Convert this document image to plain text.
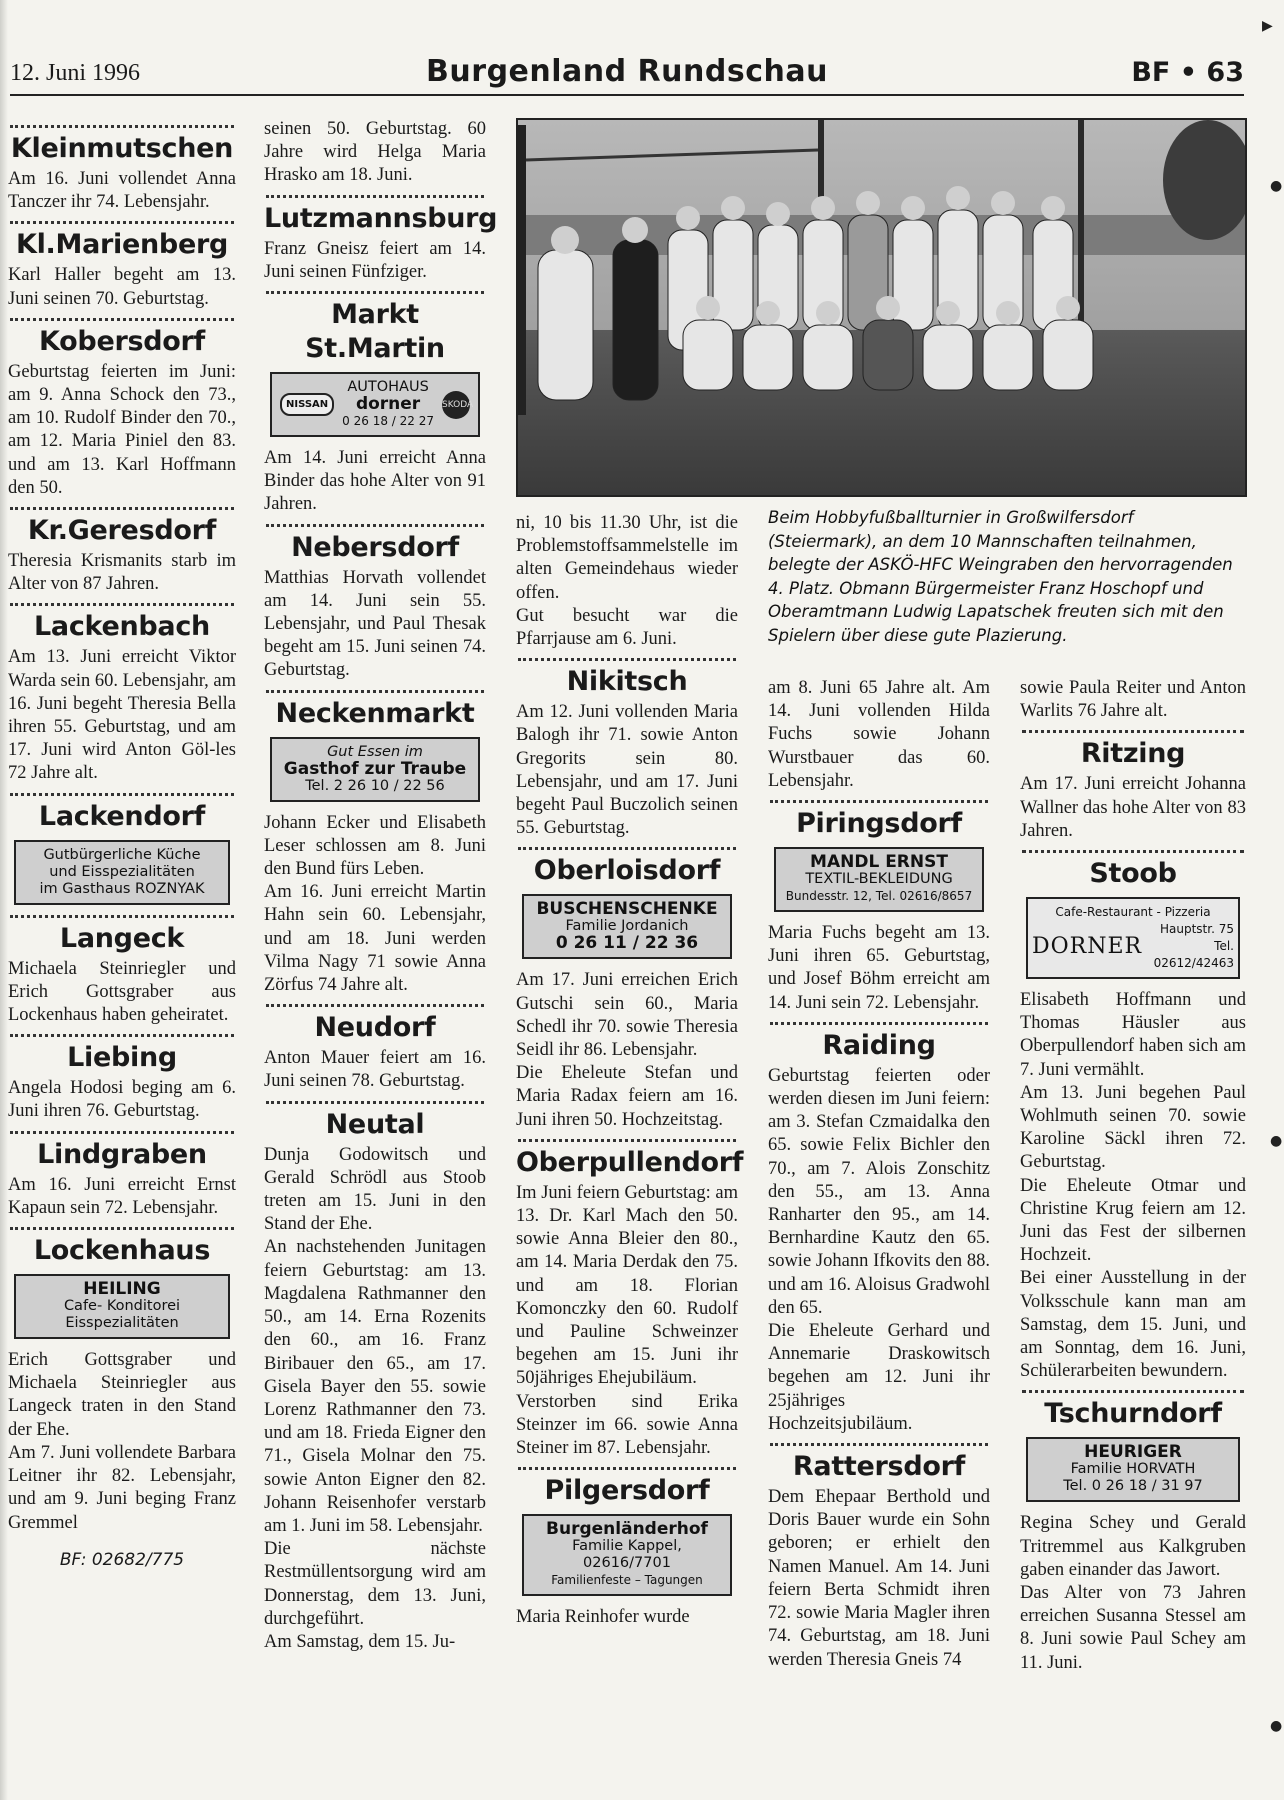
12. Juni 1996	Burgenland Rundschau	BF • 63
▶
●
●
●
Kleinmutschen

Am 16. Juni vollendet Anna Tanczer ihr 74. Lebensjahr.

Kl.Marienberg

Karl Haller begeht am 13. Juni seinen 70. Geburtstag.

Kobersdorf

Geburtstag feierten im Juni: am 9. Anna Schock den 73., am 10. Rudolf Binder den 70., am 12. Maria Piniel den 83. und am 13. Karl Hoffmann den 50.

Kr.Geresdorf

Theresia Krismanits starb im Alter von 87 Jahren.

Lackenbach

Am 13. Juni erreicht Viktor Warda sein 60. Lebensjahr, am 16. Juni begeht Theresia Bella ihren 55. Geburtstag, und am 17. Juni wird Anton Göl-les 72 Jahre alt.

Lackendorf
Gutbürgerliche Küche
und Eisspezialitäten
im Gasthaus ROZNYAK
Langeck

Michaela Steinriegler und Erich Gottsgraber aus Lockenhaus haben geheiratet.

Liebing

Angela Hodosi beging am 6. Juni ihren 76. Geburtstag.

Lindgraben

Am 16. Juni erreicht Ernst Kapaun sein 72. Lebensjahr.

Lockenhaus
HEILING
Cafe- Konditorei
Eisspezialitäten

Erich Gottsgraber und Michaela Steinriegler aus Langeck traten in den Stand der Ehe.

Am 7. Juni vollendete Barbara Leitner ihr 82. Lebensjahr, und am 9. Juni beging Franz Gremmel

BF: 02682/775

seinen 50. Geburtstag. 60 Jahre wird Helga Maria Hrasko am 18. Juni.

Lutzmannsburg

Franz Gneisz feiert am 14. Juni seinen Fünfziger.

Markt St.Martin
NISSAN
AUTOHAUS
dorner
0 26 18 / 22 27
SKODA

Am 14. Juni erreicht Anna Binder das hohe Alter von 91 Jahren.

Nebersdorf

Matthias Horvath vollendet am 14. Juni sein 55. Lebensjahr, und Paul Thesak begeht am 15. Juni seinen 74. Geburtstag.

Neckenmarkt
Gut Essen im
Gasthof zur Traube
Tel. 2 26 10 / 22 56

Johann Ecker und Elisabeth Leser schlossen am 8. Juni den Bund fürs Leben.

Am 16. Juni erreicht Martin Hahn sein 60. Lebensjahr, und am 18. Juni werden Vilma Nagy 71 sowie Anna Zörfus 74 Jahre alt.

Neudorf

Anton Mauer feiert am 16. Juni seinen 78. Geburtstag.

Neutal

Dunja Godowitsch und Gerald Schrödl aus Stoob treten am 15. Juni in den Stand der Ehe.

An nachstehenden Junitagen feiern Geburtstag: am 13. Magdalena Rathmanner den 50., am 14. Erna Rozenits den 60., am 16. Franz Biribauer den 65., am 17. Gisela Bayer den 55. sowie Lorenz Rathmanner den 73. und am 18. Frieda Eigner den 71., Gisela Molnar den 75. sowie Anton Eigner den 82. Johann Reisenhofer verstarb am 1. Juni im 58. Lebensjahr.

Die nächste Restmüllentsorgung wird am Donnerstag, dem 13. Juni, durchgeführt.

Am Samstag, dem 15. Ju-

Beim Hobbyfußballturnier in Großwilfersdorf (Steiermark), an dem 10 Mannschaften teilnahmen, belegte der ASKÖ-HFC Weingraben den hervorragenden 4. Platz. Obmann Bürgermeister Franz Hoschopf und Oberamtmann Ludwig Lapatschek freuten sich mit den Spielern über diese gute Plazierung.

ni, 10 bis 11.30 Uhr, ist die Problemstoffsammelstelle im alten Gemeindehaus wieder offen.

Gut besucht war die Pfarrjause am 6. Juni.

Nikitsch

Am 12. Juni vollenden Maria Balogh ihr 71. sowie Anton Gregorits sein 80. Lebensjahr, und am 17. Juni begeht Paul Buczolich seinen 55. Geburtstag.

Oberloisdorf
BUSCHENSCHENKE
Familie Jordanich
0 26 11 / 22 36

Am 17. Juni erreichen Erich Gutschi sein 60., Maria Schedl ihr 70. sowie Theresia Seidl ihr 86. Lebensjahr.

Die Eheleute Stefan und Maria Radax feiern am 16. Juni ihren 50. Hochzeitstag.

Oberpullendorf

Im Juni feiern Geburtstag: am 13. Dr. Karl Mach den 50. sowie Anna Bleier den 80., am 14. Maria Derdak den 75. und am 18. Florian Komonczky den 60. Rudolf und Pauline Schweinzer begehen am 15. Juni ihr 50jähriges Ehejubiläum.

Verstorben sind Erika Steinzer im 66. sowie Anna Steiner im 87. Lebensjahr.

Pilgersdorf
Burgenländerhof
Familie Kappel, 02616/7701
Familienfeste – Tagungen

Maria Reinhofer wurde

am 8. Juni 65 Jahre alt. Am 14. Juni vollenden Hilda Fuchs sowie Johann Wurstbauer das 60. Lebensjahr.

Piringsdorf
MANDL ERNST
TEXTIL-BEKLEIDUNG
Bundesstr. 12, Tel. 02616/8657

Maria Fuchs begeht am 13. Juni ihren 65. Geburtstag, und Josef Böhm erreicht am 14. Juni sein 72. Lebensjahr.

Raiding

Geburtstag feierten oder werden diesen im Juni feiern: am 3. Stefan Czmaidalka den 65. sowie Felix Bichler den 70., am 7. Alois Zonschitz den 55., am 13. Anna Ranharter den 95., am 14. Bernhardine Kautz den 65. sowie Johann Ifkovits den 88. und am 16. Aloisus Gradwohl den 65.

Die Eheleute Gerhard und Annemarie Draskowitsch begehen am 12. Juni ihr 25jähriges Hochzeitsjubiläum.

Rattersdorf

Dem Ehepaar Berthold und Doris Bauer wurde ein Sohn geboren; er erhielt den Namen Manuel. Am 14. Juni feiern Berta Schmidt ihren 72. sowie Maria Magler ihren 74. Geburtstag, am 18. Juni werden Theresia Gneis 74

sowie Paula Reiter und Anton Warlits 76 Jahre alt.

Ritzing

Am 17. Juni erreicht Johanna Wallner das hohe Alter von 83 Jahren.

Stoob
Cafe-Restaurant - Pizzeria
DORNER
Hauptstr. 75
Tel. 02612/42463

Elisabeth Hoffmann und Thomas Häusler aus Oberpullendorf haben sich am 7. Juni vermählt.

Am 13. Juni begehen Paul Wohlmuth seinen 70. sowie Karoline Säckl ihren 72. Geburtstag.

Die Eheleute Otmar und Christine Krug feiern am 12. Juni das Fest der silbernen Hochzeit.

Bei einer Ausstellung in der Volksschule kann man am Samstag, dem 15. Juni, und am Sonntag, dem 16. Juni, Schülerarbeiten bewundern.

Tschurndorf
HEURIGER
Familie HORVATH
Tel. 0 26 18 / 31 97

Regina Schey und Gerald Tritremmel aus Kalkgruben gaben einander das Jawort.

Das Alter von 73 Jahren erreichen Susanna Stessel am 8. Juni sowie Paul Schey am 11. Juni.
